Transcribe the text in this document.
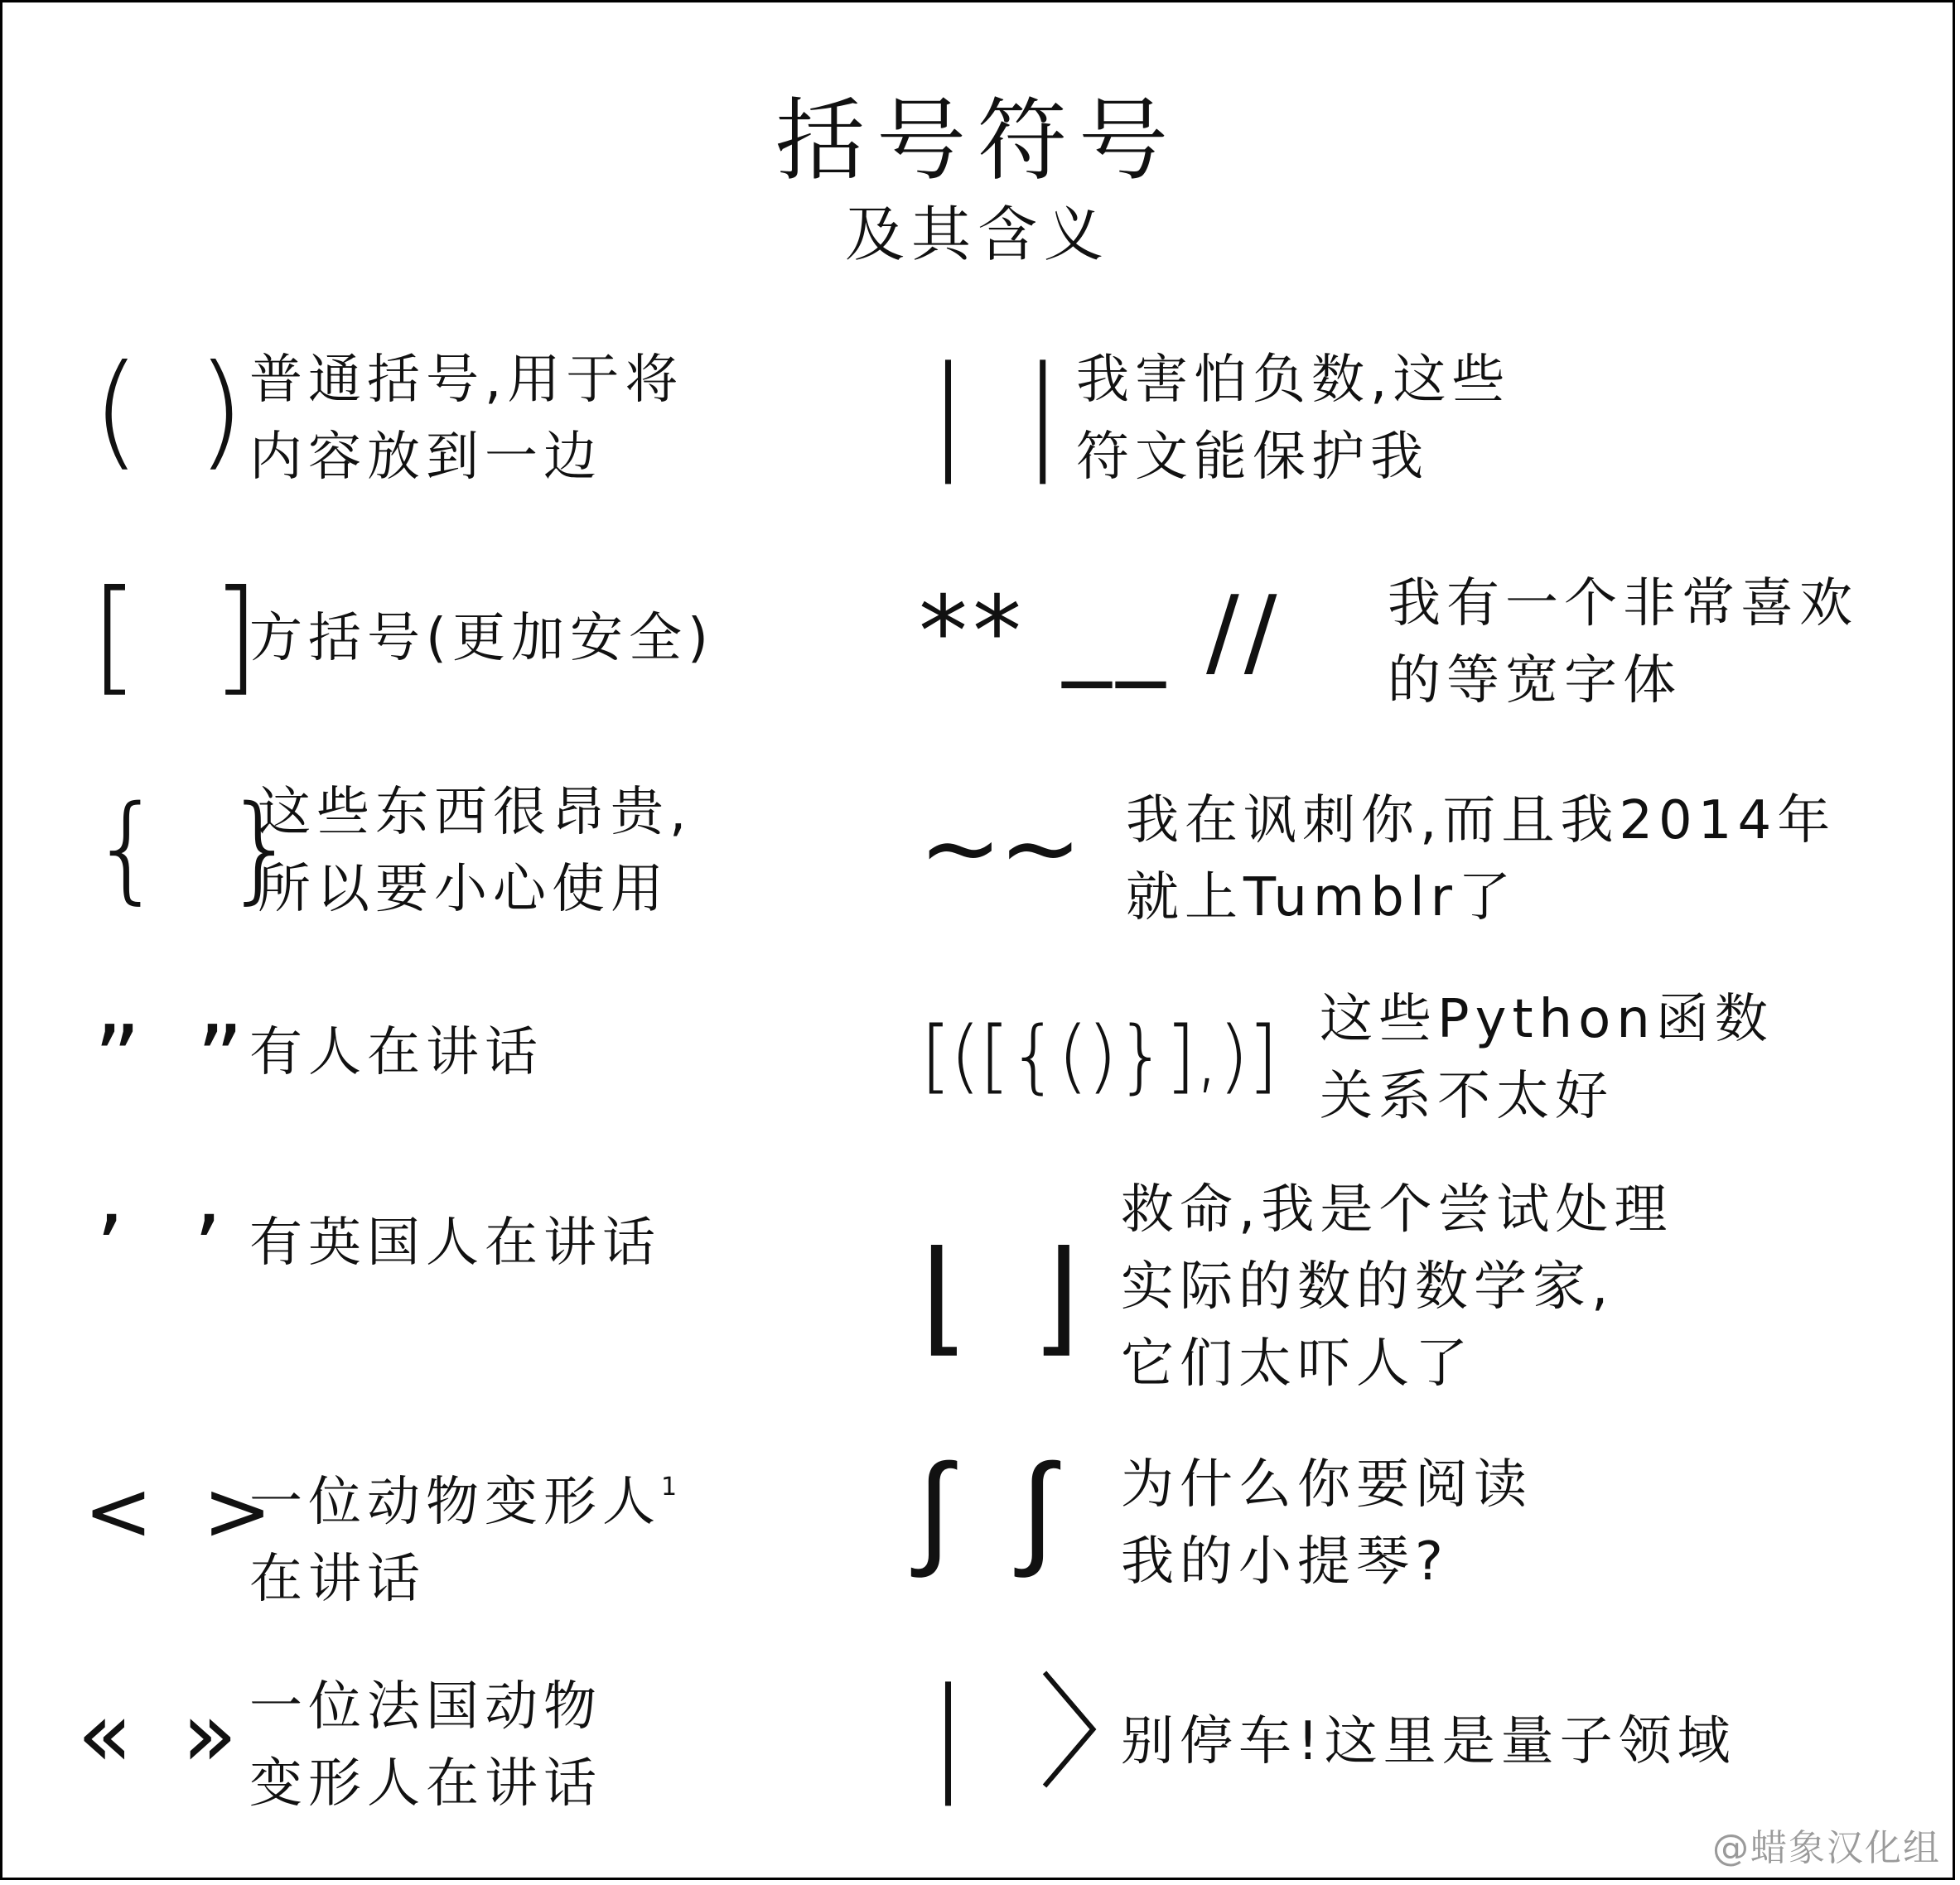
括号符号
及其含义
( )
普通括号,用于将
内容放到一边
[ ]
方括号(更加安全)
{ }
这些东西很昂贵,
所以要小心使用
” ”
有人在讲话
’ ’ 有英国人在讲话
< >
一位动物变形人$^1$
在讲话
« » 一位法国动物
变形人在讲话
| | 我害怕负数,这些
符文能保护我
** __ // 我有一个非常喜欢
的等宽字体
~~ 我在讽刺你,而且我2014年
就上Tumblr了
[([{()}],)] 这些Python函数
关系不太好
⌊ ⌋
救命,我是个尝试处理
实际的数的数学家,
它们太吓人了
∫ ∫ 为什么你要阅读
我的小提琴?
| 〉
别停车!这里是量子领域
@蜡象汉化组
